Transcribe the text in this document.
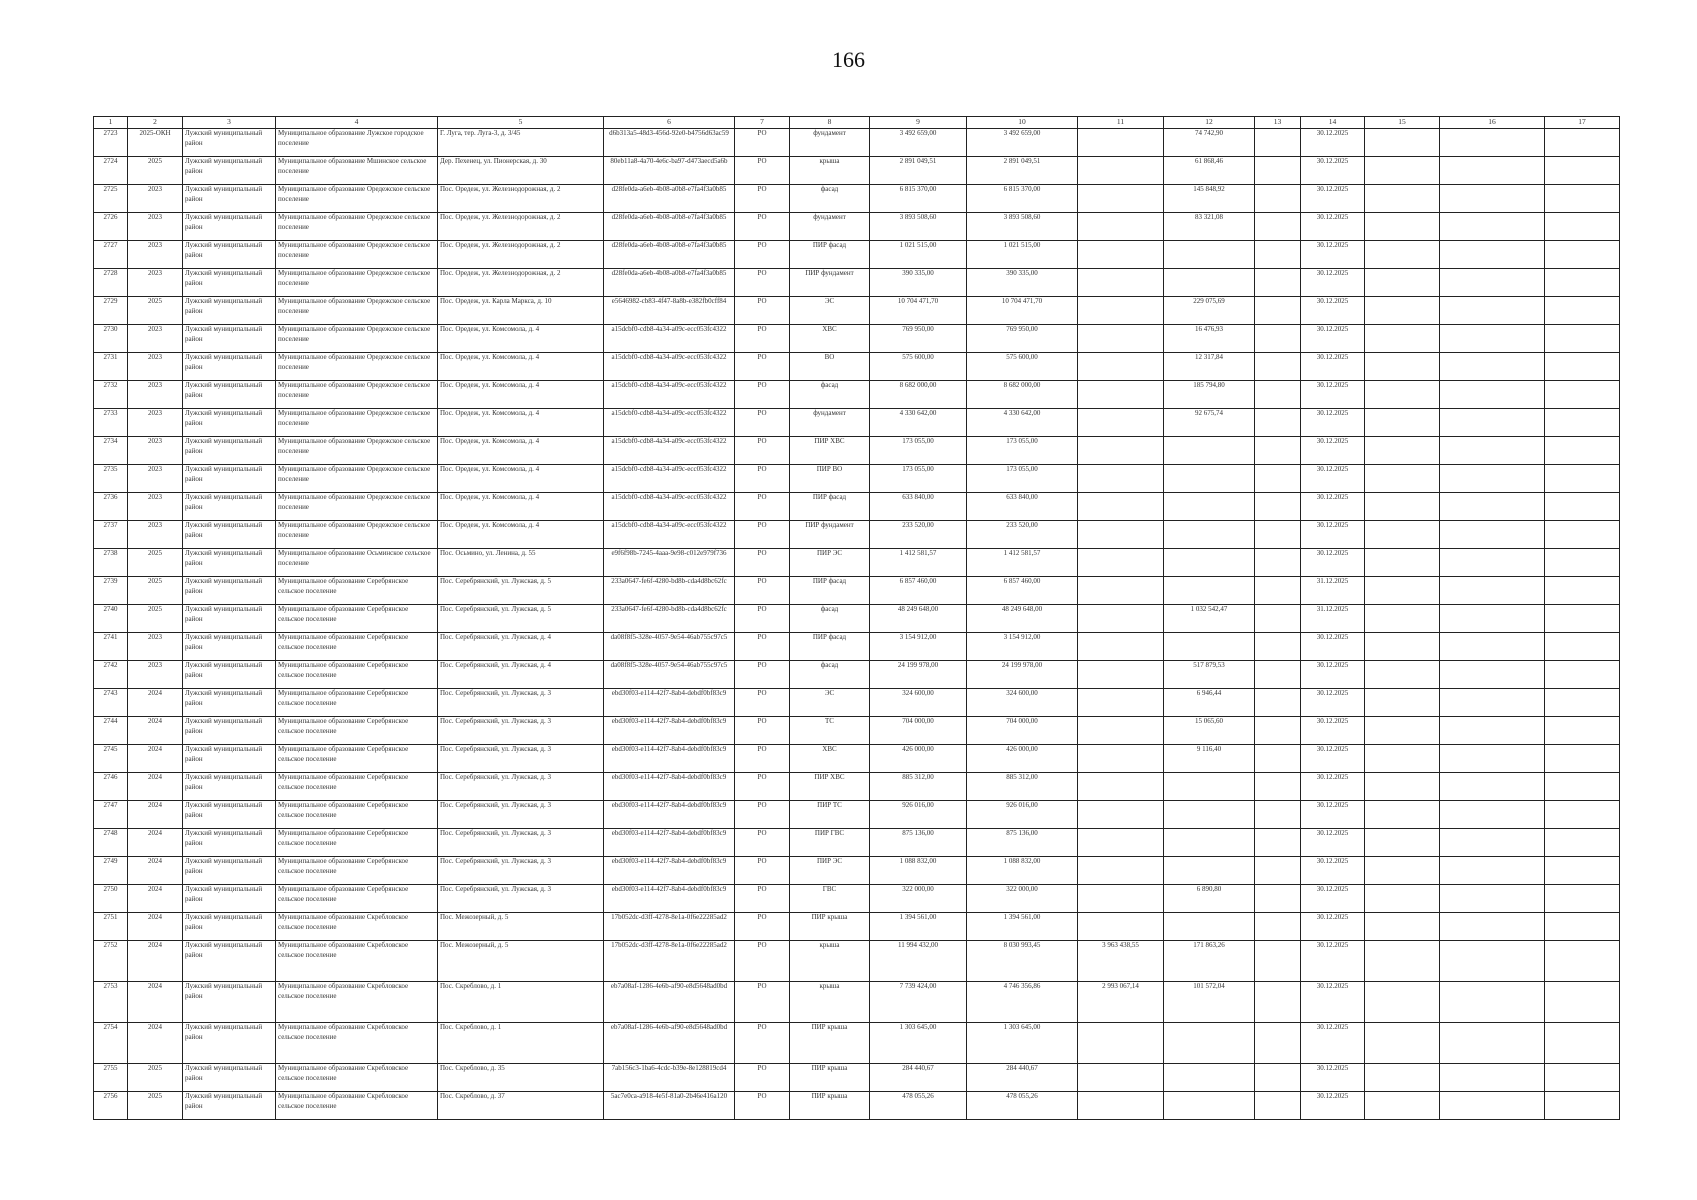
166
1	2	3	4	5	6	7	8	9	10	11	12	13	14	15	16	17
2723	2025-ОКН	Лужский муниципальный район	Муниципальное образование Лужское городское поселение	Г. Луга, тер. Луга-3, д. 3/45	d6b313a5-48d3-456d-92e0-b4756d63ac59	РО	фундамент	3 492 659,00	3 492 659,00		74 742,90		30.12.2025			
2724	2025	Лужский муниципальный район	Муниципальное образование Мшинское сельское поселение	Дер. Пехенец, ул. Пионерская, д. 30	80eb11a8-4a70-4e6c-ba97-d473aecd5a6b	РО	крыша	2 891 049,51	2 891 049,51		61 868,46		30.12.2025			
2725	2023	Лужский муниципальный район	Муниципальное образование Оредежское сельское поселение	Пос. Оредеж, ул. Железнодорожная, д. 2	d28fe0da-a6eb-4b08-a0b8-e7fa4f3a0b85	РО	фасад	6 815 370,00	6 815 370,00		145 848,92		30.12.2025			
2726	2023	Лужский муниципальный район	Муниципальное образование Оредежское сельское поселение	Пос. Оредеж, ул. Железнодорожная, д. 2	d28fe0da-a6eb-4b08-a0b8-e7fa4f3a0b85	РО	фундамент	3 893 508,60	3 893 508,60		83 321,08		30.12.2025			
2727	2023	Лужский муниципальный район	Муниципальное образование Оредежское сельское поселение	Пос. Оредеж, ул. Железнодорожная, д. 2	d28fe0da-a6eb-4b08-a0b8-e7fa4f3a0b85	РО	ПИР фасад	1 021 515,00	1 021 515,00				30.12.2025			
2728	2023	Лужский муниципальный район	Муниципальное образование Оредежское сельское поселение	Пос. Оредеж, ул. Железнодорожная, д. 2	d28fe0da-a6eb-4b08-a0b8-e7fa4f3a0b85	РО	ПИР фундамент	390 335,00	390 335,00				30.12.2025			
2729	2025	Лужский муниципальный район	Муниципальное образование Оредежское сельское поселение	Пос. Оредеж, ул. Карла Маркса, д. 10	e5646982-cb83-4f47-8a8b-e382fb0cff84	РО	ЭС	10 704 471,70	10 704 471,70		229 075,69		30.12.2025			
2730	2023	Лужский муниципальный район	Муниципальное образование Оредежское сельское поселение	Пос. Оредеж, ул. Комсомола, д. 4	a15dcbf0-cdb8-4a34-a09c-ecc053fc4322	РО	ХВС	769 950,00	769 950,00		16 476,93		30.12.2025			
2731	2023	Лужский муниципальный район	Муниципальное образование Оредежское сельское поселение	Пос. Оредеж, ул. Комсомола, д. 4	a15dcbf0-cdb8-4a34-a09c-ecc053fc4322	РО	ВО	575 600,00	575 600,00		12 317,84		30.12.2025			
2732	2023	Лужский муниципальный район	Муниципальное образование Оредежское сельское поселение	Пос. Оредеж, ул. Комсомола, д. 4	a15dcbf0-cdb8-4a34-a09c-ecc053fc4322	РО	фасад	8 682 000,00	8 682 000,00		185 794,80		30.12.2025			
2733	2023	Лужский муниципальный район	Муниципальное образование Оредежское сельское поселение	Пос. Оредеж, ул. Комсомола, д. 4	a15dcbf0-cdb8-4a34-a09c-ecc053fc4322	РО	фундамент	4 330 642,00	4 330 642,00		92 675,74		30.12.2025			
2734	2023	Лужский муниципальный район	Муниципальное образование Оредежское сельское поселение	Пос. Оредеж, ул. Комсомола, д. 4	a15dcbf0-cdb8-4a34-a09c-ecc053fc4322	РО	ПИР ХВС	173 055,00	173 055,00				30.12.2025			
2735	2023	Лужский муниципальный район	Муниципальное образование Оредежское сельское поселение	Пос. Оредеж, ул. Комсомола, д. 4	a15dcbf0-cdb8-4a34-a09c-ecc053fc4322	РО	ПИР ВО	173 055,00	173 055,00				30.12.2025			
2736	2023	Лужский муниципальный район	Муниципальное образование Оредежское сельское поселение	Пос. Оредеж, ул. Комсомола, д. 4	a15dcbf0-cdb8-4a34-a09c-ecc053fc4322	РО	ПИР фасад	633 840,00	633 840,00				30.12.2025			
2737	2023	Лужский муниципальный район	Муниципальное образование Оредежское сельское поселение	Пос. Оредеж, ул. Комсомола, д. 4	a15dcbf0-cdb8-4a34-a09c-ecc053fc4322	РО	ПИР фундамент	233 520,00	233 520,00				30.12.2025			
2738	2025	Лужский муниципальный район	Муниципальное образование Осьминское сельское поселение	Пос. Осьмино, ул. Ленина, д. 55	e9f6f98b-7245-4aaa-9e98-c012e979f736	РО	ПИР ЭС	1 412 581,57	1 412 581,57				30.12.2025			
2739	2025	Лужский муниципальный район	Муниципальное образование Серебрянское сельское поселение	Пос. Серебрянский, ул. Лужская, д. 5	233a0647-fe6f-4280-bd8b-cda4d8bc62fc	РО	ПИР фасад	6 857 460,00	6 857 460,00				31.12.2025			
2740	2025	Лужский муниципальный район	Муниципальное образование Серебрянское сельское поселение	Пос. Серебрянский, ул. Лужская, д. 5	233a0647-fe6f-4280-bd8b-cda4d8bc62fc	РО	фасад	48 249 648,00	48 249 648,00		1 032 542,47		31.12.2025			
2741	2023	Лужский муниципальный район	Муниципальное образование Серебрянское сельское поселение	Пос. Серебрянский, ул. Лужская, д. 4	da08f8f5-328e-4057-9e54-46ab755c97c5	РО	ПИР фасад	3 154 912,00	3 154 912,00				30.12.2025			
2742	2023	Лужский муниципальный район	Муниципальное образование Серебрянское сельское поселение	Пос. Серебрянский, ул. Лужская, д. 4	da08f8f5-328e-4057-9e54-46ab755c97c5	РО	фасад	24 199 978,00	24 199 978,00		517 879,53		30.12.2025			
2743	2024	Лужский муниципальный район	Муниципальное образование Серебрянское сельское поселение	Пос. Серебрянский, ул. Лужская, д. 3	ebd30f03-e114-42f7-8ab4-debdf0bf83c9	РО	ЭС	324 600,00	324 600,00		6 946,44		30.12.2025			
2744	2024	Лужский муниципальный район	Муниципальное образование Серебрянское сельское поселение	Пос. Серебрянский, ул. Лужская, д. 3	ebd30f03-e114-42f7-8ab4-debdf0bf83c9	РО	ТС	704 000,00	704 000,00		15 065,60		30.12.2025			
2745	2024	Лужский муниципальный район	Муниципальное образование Серебрянское сельское поселение	Пос. Серебрянский, ул. Лужская, д. 3	ebd30f03-e114-42f7-8ab4-debdf0bf83c9	РО	ХВС	426 000,00	426 000,00		9 116,40		30.12.2025			
2746	2024	Лужский муниципальный район	Муниципальное образование Серебрянское сельское поселение	Пос. Серебрянский, ул. Лужская, д. 3	ebd30f03-e114-42f7-8ab4-debdf0bf83c9	РО	ПИР ХВС	885 312,00	885 312,00				30.12.2025			
2747	2024	Лужский муниципальный район	Муниципальное образование Серебрянское сельское поселение	Пос. Серебрянский, ул. Лужская, д. 3	ebd30f03-e114-42f7-8ab4-debdf0bf83c9	РО	ПИР ТС	926 016,00	926 016,00				30.12.2025			
2748	2024	Лужский муниципальный район	Муниципальное образование Серебрянское сельское поселение	Пос. Серебрянский, ул. Лужская, д. 3	ebd30f03-e114-42f7-8ab4-debdf0bf83c9	РО	ПИР ГВС	875 136,00	875 136,00				30.12.2025			
2749	2024	Лужский муниципальный район	Муниципальное образование Серебрянское сельское поселение	Пос. Серебрянский, ул. Лужская, д. 3	ebd30f03-e114-42f7-8ab4-debdf0bf83c9	РО	ПИР ЭС	1 088 832,00	1 088 832,00				30.12.2025			
2750	2024	Лужский муниципальный район	Муниципальное образование Серебрянское сельское поселение	Пос. Серебрянский, ул. Лужская, д. 3	ebd30f03-e114-42f7-8ab4-debdf0bf83c9	РО	ГВС	322 000,00	322 000,00		6 890,80		30.12.2025			
2751	2024	Лужский муниципальный район	Муниципальное образование Скребловское сельское поселение	Пос. Межозерный, д. 5	17b052dc-d3ff-4278-8e1a-0f6e22285ad2	РО	ПИР крыша	1 394 561,00	1 394 561,00				30.12.2025			
2752	2024	Лужский муниципальный район	Муниципальное образование Скребловское сельское поселение	Пос. Межозерный, д. 5	17b052dc-d3ff-4278-8e1a-0f6e22285ad2	РО	крыша	11 994 432,00	8 030 993,45	3 963 438,55	171 863,26		30.12.2025			
2753	2024	Лужский муниципальный район	Муниципальное образование Скребловское сельское поселение	Пос. Скреблово, д. 1	eb7a08af-1286-4e6b-af90-e8d5648ad0bd	РО	крыша	7 739 424,00	4 746 356,86	2 993 067,14	101 572,04		30.12.2025			
2754	2024	Лужский муниципальный район	Муниципальное образование Скребловское сельское поселение	Пос. Скреблово, д. 1	eb7a08af-1286-4e6b-af90-e8d5648ad0bd	РО	ПИР крыша	1 303 645,00	1 303 645,00				30.12.2025			
2755	2025	Лужский муниципальный район	Муниципальное образование Скребловское сельское поселение	Пос. Скреблово, д. 35	7ab156c3-1ba6-4cdc-b39e-8e128819cd4	РО	ПИР крыша	284 440,67	284 440,67				30.12.2025			
2756	2025	Лужский муниципальный район	Муниципальное образование Скребловское сельское поселение	Пос. Скреблово, д. 37	5ac7e0ca-a918-4e5f-81a0-2b46e416a120	РО	ПИР крыша	478 055,26	478 055,26				30.12.2025			
